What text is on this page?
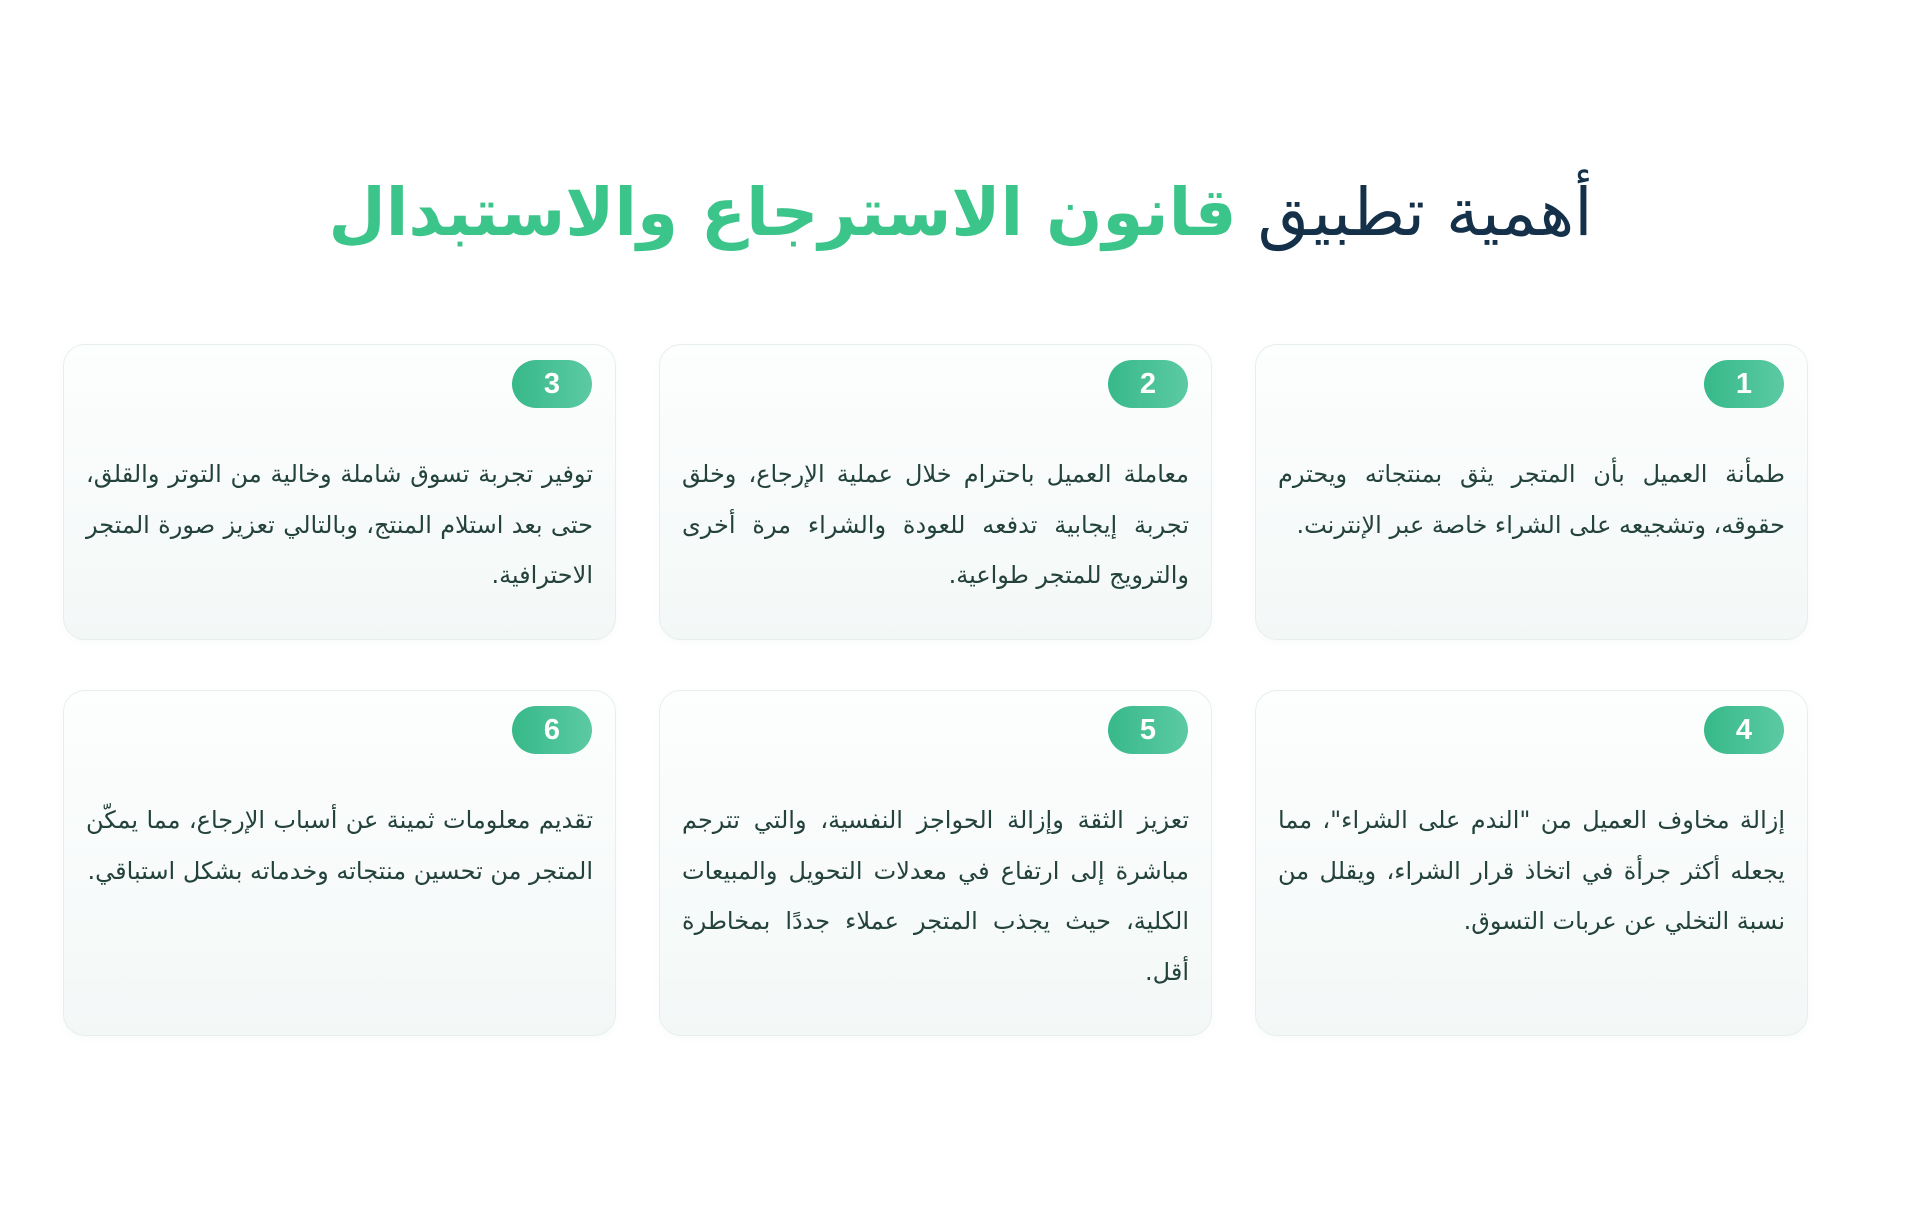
أهمية تطبيق قانون الاسترجاع والاستبدال
1

طمأنة العميل بأن المتجر يثق بمنتجاته ويحترم حقوقه، وتشجيعه على الشراء خاصة عبر الإنترنت.

2

معاملة العميل باحترام خلال عملية الإرجاع، وخلق تجربة إيجابية تدفعه للعودة والشراء مرة أخرى والترويج للمتجر طواعية.

3

توفير تجربة تسوق شاملة وخالية من التوتر والقلق، حتى بعد استلام المنتج، وبالتالي تعزيز صورة المتجر الاحترافية.

4

إزالة مخاوف العميل من "الندم على الشراء"، مما يجعله أكثر جرأة في اتخاذ قرار الشراء، ويقلل من نسبة التخلي عن عربات التسوق.

5

تعزيز الثقة وإزالة الحواجز النفسية، والتي تترجم مباشرة إلى ارتفاع في معدلات التحويل والمبيعات الكلية، حيث يجذب المتجر عملاء جددًا بمخاطرة أقل.

6

تقديم معلومات ثمينة عن أسباب الإرجاع، مما يمكّن المتجر من تحسين منتجاته وخدماته بشكل استباقي.
